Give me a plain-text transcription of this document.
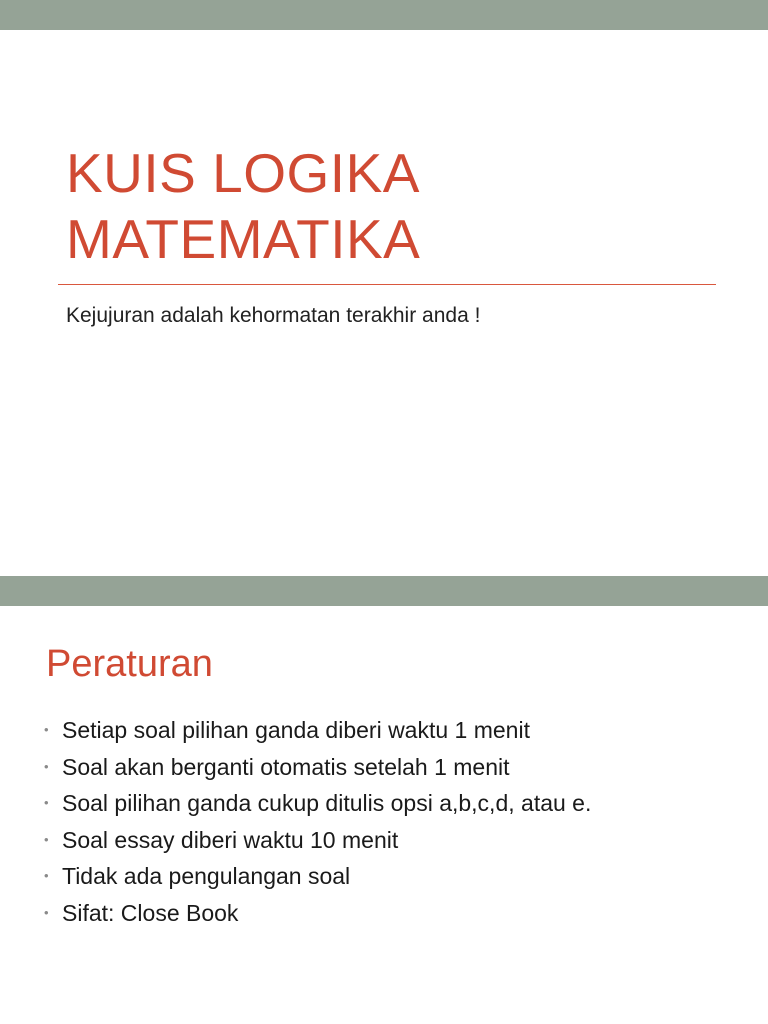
KUIS LOGIKA
MATEMATIKA

Kejujuran adalah kehormatan terakhir anda !

Peraturan
• Setiap soal pilihan ganda diberi waktu 1 menit
• Soal akan berganti otomatis setelah 1 menit
• Soal pilihan ganda cukup ditulis opsi a,b,c,d, atau e.
• Soal essay diberi waktu 10 menit
• Tidak ada pengulangan soal
• Sifat: Close Book
